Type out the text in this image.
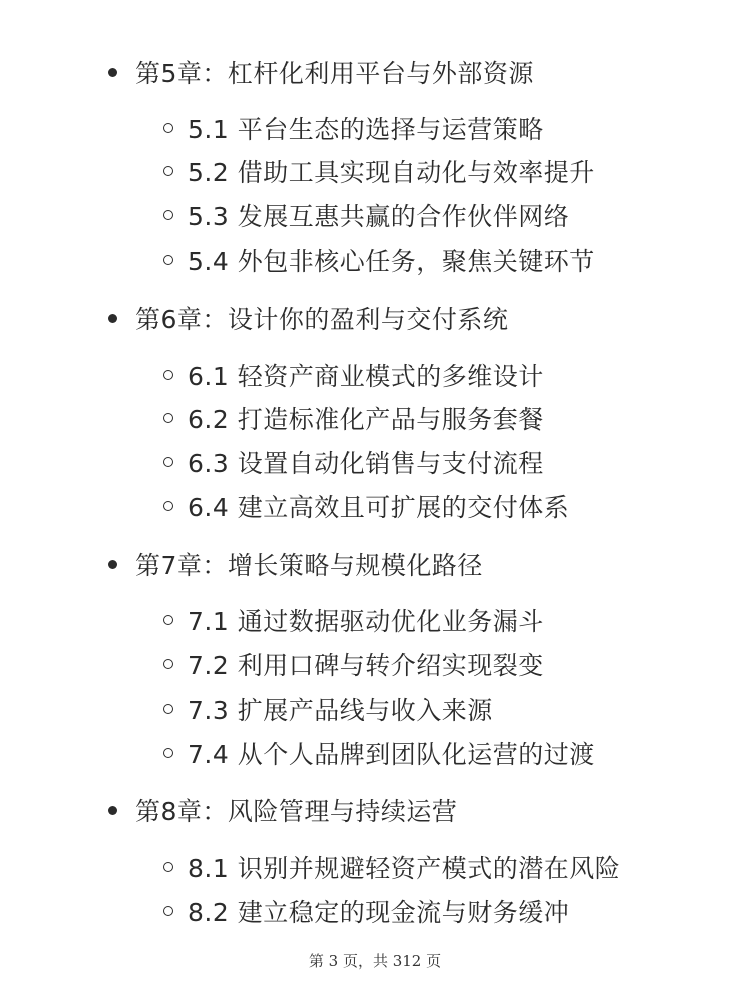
第5章：杠杆化利用平台与外部资源
5.1 平台生态的选择与运营策略
5.2 借助工具实现自动化与效率提升
5.3 发展互惠共赢的合作伙伴网络
5.4 外包非核心任务，聚焦关键环节
第6章：设计你的盈利与交付系统
6.1 轻资产商业模式的多维设计
6.2 打造标准化产品与服务套餐
6.3 设置自动化销售与支付流程
6.4 建立高效且可扩展的交付体系
第7章：增长策略与规模化路径
7.1 通过数据驱动优化业务漏斗
7.2 利用口碑与转介绍实现裂变
7.3 扩展产品线与收入来源
7.4 从个人品牌到团队化运营的过渡
第8章：风险管理与持续运营
8.1 识别并规避轻资产模式的潜在风险
8.2 建立稳定的现金流与财务缓冲
第 3 页，共 312 页
